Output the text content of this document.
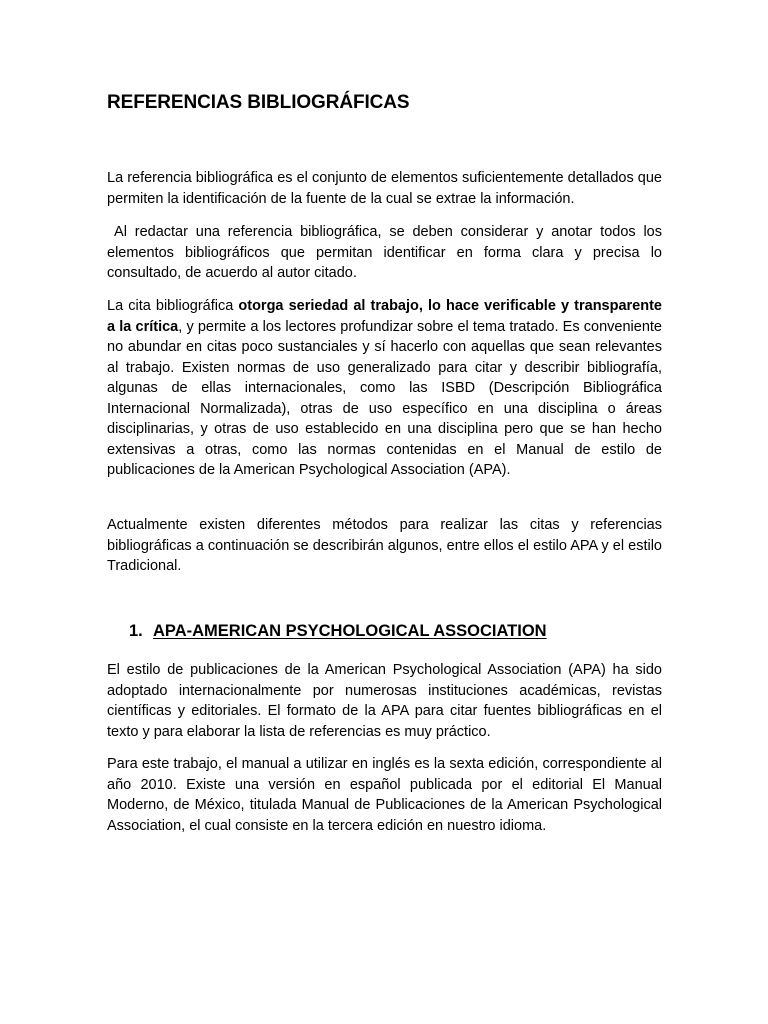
REFERENCIAS BIBLIOGRÁFICAS

La referencia bibliográfica es el conjunto de elementos suficientemente detallados que permiten la identificación de la fuente de la cual se extrae la información.

Al redactar una referencia bibliográfica, se deben considerar y anotar todos los elementos bibliográficos que permitan identificar en forma clara y precisa lo consultado, de acuerdo al autor citado.

La cita bibliográfica otorga seriedad al trabajo, lo hace verificable y transparente a la crítica, y permite a los lectores profundizar sobre el tema tratado. Es conveniente no abundar en citas poco sustanciales y sí hacerlo con aquellas que sean relevantes al trabajo. Existen normas de uso generalizado para citar y describir bibliografía, algunas de ellas internacionales, como las ISBD (Descripción Bibliográfica Internacional Normalizada), otras de uso específico en una disciplina o áreas disciplinarias, y otras de uso establecido en una disciplina pero que se han hecho extensivas a otras, como las normas contenidas en el Manual de estilo de publicaciones de la American Psychological Association (APA).

Actualmente existen diferentes métodos para realizar las citas y referencias bibliográficas a continuación se describirán algunos, entre ellos el estilo APA y el estilo Tradicional.

1. APA-AMERICAN PSYCHOLOGICAL ASSOCIATION

El estilo de publicaciones de la American Psychological Association (APA) ha sido adoptado internacionalmente por numerosas instituciones académicas, revistas científicas y editoriales. El formato de la APA para citar fuentes bibliográficas en el texto y para elaborar la lista de referencias es muy práctico.

Para este trabajo, el manual a utilizar en inglés es la sexta edición, correspondiente al año 2010. Existe una versión en español publicada por el editorial El Manual Moderno, de México, titulada Manual de Publicaciones de la American Psychological Association, el cual consiste en la tercera edición en nuestro idioma.
